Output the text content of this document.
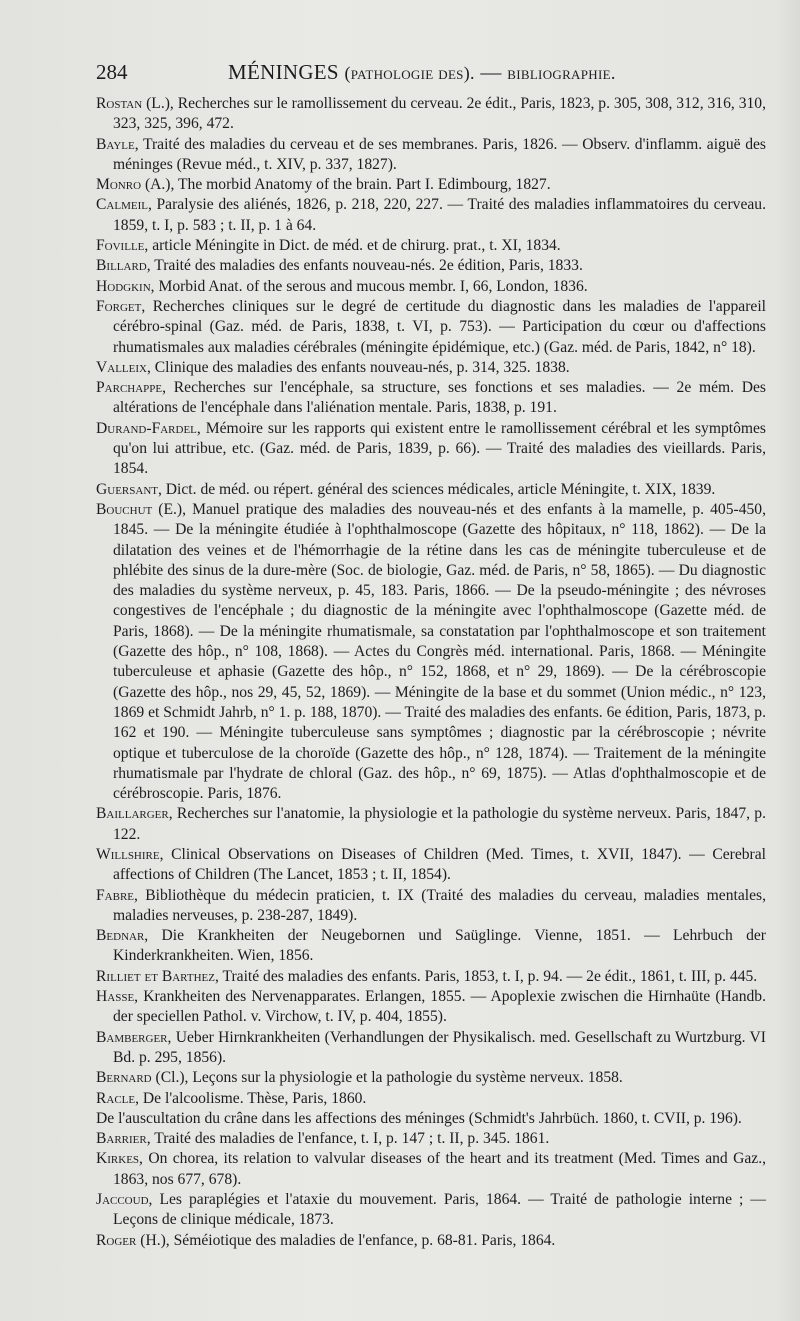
284	MÉNINGES (pathologie des). — bibliographie.

Rostan (L.), Recherches sur le ramollissement du cerveau. 2e édit., Paris, 1823, p. 305, 308, 312, 316, 310, 323, 325, 396, 472.

Bayle, Traité des maladies du cerveau et de ses membranes. Paris, 1826. — Observ. d'inflamm. aiguë des méninges (Revue méd., t. XIV, p. 337, 1827).

Monro (A.), The morbid Anatomy of the brain. Part I. Edimbourg, 1827.

Calmeil, Paralysie des aliénés, 1826, p. 218, 220, 227. — Traité des maladies inflammatoires du cerveau. 1859, t. I, p. 583 ; t. II, p. 1 à 64.

Foville, article Méningite in Dict. de méd. et de chirurg. prat., t. XI, 1834.

Billard, Traité des maladies des enfants nouveau-nés. 2e édition, Paris, 1833.

Hodgkin, Morbid Anat. of the serous and mucous membr. I, 66, London, 1836.

Forget, Recherches cliniques sur le degré de certitude du diagnostic dans les maladies de l'appareil cérébro-spinal (Gaz. méd. de Paris, 1838, t. VI, p. 753). — Participation du cœur ou d'affections rhumatismales aux maladies cérébrales (méningite épidémique, etc.) (Gaz. méd. de Paris, 1842, n° 18).

Valleix, Clinique des maladies des enfants nouveau-nés, p. 314, 325. 1838.

Parchappe, Recherches sur l'encéphale, sa structure, ses fonctions et ses maladies. — 2e mém. Des altérations de l'encéphale dans l'aliénation mentale. Paris, 1838, p. 191.

Durand-Fardel, Mémoire sur les rapports qui existent entre le ramollissement cérébral et les symptômes qu'on lui attribue, etc. (Gaz. méd. de Paris, 1839, p. 66). — Traité des maladies des vieillards. Paris, 1854.

Guersant, Dict. de méd. ou répert. général des sciences médicales, article Méningite, t. XIX, 1839.

Bouchut (E.), Manuel pratique des maladies des nouveau-nés et des enfants à la mamelle, p. 405-450, 1845. — De la méningite étudiée à l'ophthalmoscope (Gazette des hôpitaux, n° 118, 1862). — De la dilatation des veines et de l'hémorrhagie de la rétine dans les cas de méningite tuberculeuse et de phlébite des sinus de la dure-mère (Soc. de biologie, Gaz. méd. de Paris, n° 58, 1865). — Du diagnostic des maladies du système nerveux, p. 45, 183. Paris, 1866. — De la pseudo-méningite ; des névroses congestives de l'encéphale ; du diagnostic de la méningite avec l'ophthalmoscope (Gazette méd. de Paris, 1868). — De la méningite rhumatismale, sa constatation par l'ophthalmoscope et son traitement (Gazette des hôp., n° 108, 1868). — Actes du Congrès méd. international. Paris, 1868. — Méningite tuberculeuse et aphasie (Gazette des hôp., n° 152, 1868, et n° 29, 1869). — De la cérébroscopie (Gazette des hôp., nos 29, 45, 52, 1869). — Méningite de la base et du sommet (Union médic., n° 123, 1869 et Schmidt Jahrb, n° 1. p. 188, 1870). — Traité des maladies des enfants. 6e édition, Paris, 1873, p. 162 et 190. — Méningite tuberculeuse sans symptômes ; diagnostic par la cérébroscopie ; névrite optique et tuberculose de la choroïde (Gazette des hôp., n° 128, 1874). — Traitement de la méningite rhumatismale par l'hydrate de chloral (Gaz. des hôp., n° 69, 1875). — Atlas d'ophthalmoscopie et de cérébroscopie. Paris, 1876.

Baillarger, Recherches sur l'anatomie, la physiologie et la pathologie du système nerveux. Paris, 1847, p. 122.

Willshire, Clinical Observations on Diseases of Children (Med. Times, t. XVII, 1847). — Cerebral affections of Children (The Lancet, 1853 ; t. II, 1854).

Fabre, Bibliothèque du médecin praticien, t. IX (Traité des maladies du cerveau, maladies mentales, maladies nerveuses, p. 238-287, 1849).

Bednar, Die Krankheiten der Neugebornen und Saüglinge. Vienne, 1851. — Lehrbuch der Kinderkrankheiten. Wien, 1856.

Rilliet et Barthez, Traité des maladies des enfants. Paris, 1853, t. I, p. 94. — 2e édit., 1861, t. III, p. 445.

Hasse, Krankheiten des Nervenapparates. Erlangen, 1855. — Apoplexie zwischen die Hirnhaüte (Handb. der speciellen Pathol. v. Virchow, t. IV, p. 404, 1855).

Bamberger, Ueber Hirnkrankheiten (Verhandlungen der Physikalisch. med. Gesellschaft zu Wurtzburg. VI Bd. p. 295, 1856).

Bernard (Cl.), Leçons sur la physiologie et la pathologie du système nerveux. 1858.

Racle, De l'alcoolisme. Thèse, Paris, 1860.

De l'auscultation du crâne dans les affections des méninges (Schmidt's Jahrbüch. 1860, t. CVII, p. 196).

Barrier, Traité des maladies de l'enfance, t. I, p. 147 ; t. II, p. 345. 1861.

Kirkes, On chorea, its relation to valvular diseases of the heart and its treatment (Med. Times and Gaz., 1863, nos 677, 678).

Jaccoud, Les paraplégies et l'ataxie du mouvement. Paris, 1864. — Traité de pathologie interne ; — Leçons de clinique médicale, 1873.

Roger (H.), Séméiotique des maladies de l'enfance, p. 68-81. Paris, 1864.
